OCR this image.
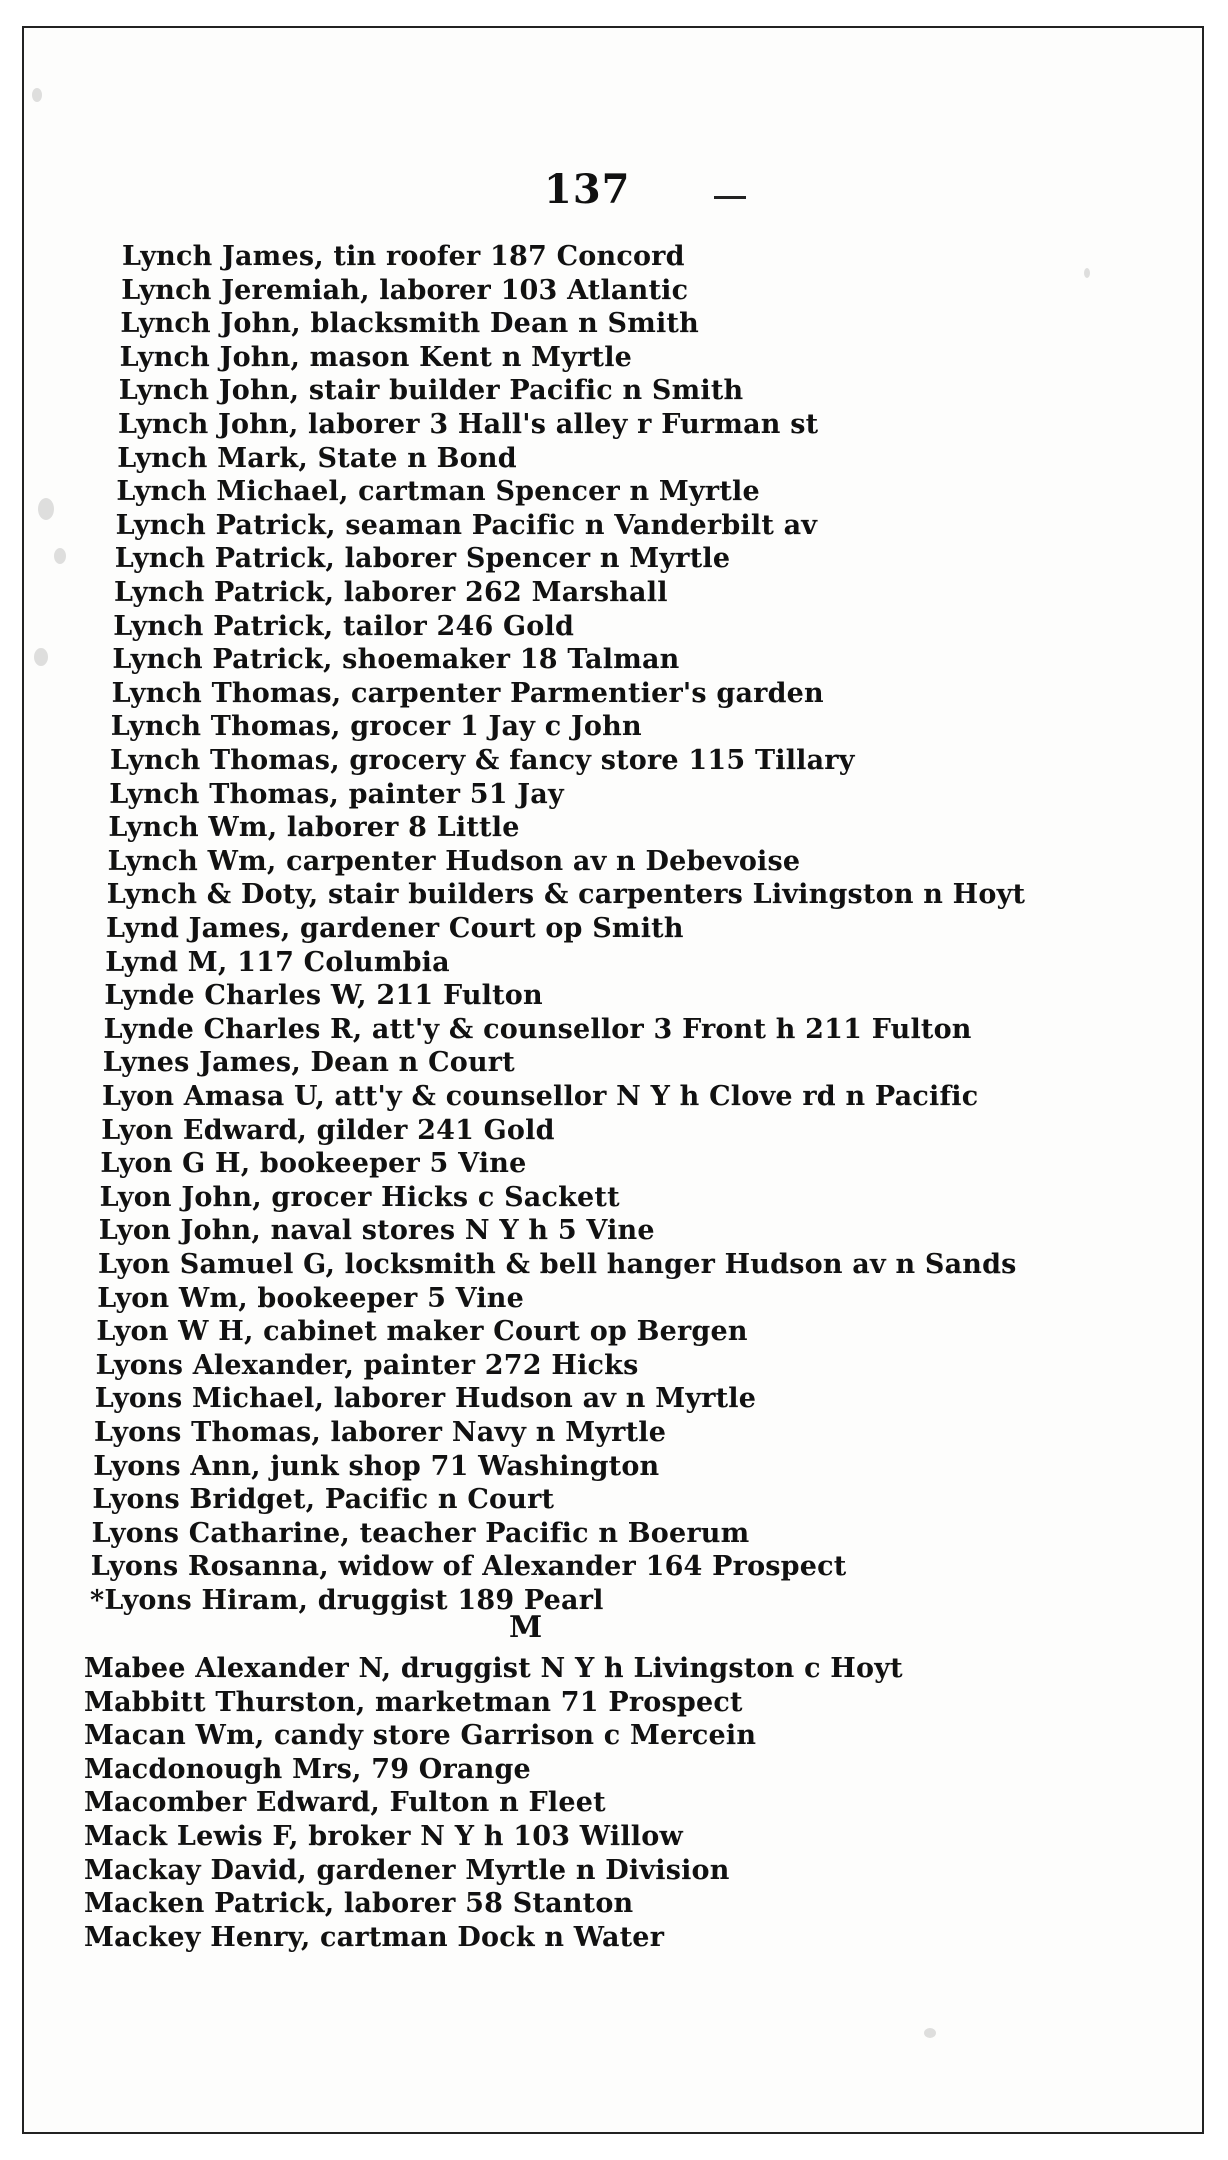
137
Lynch James, tin roofer 187 Concord
Lynch Jeremiah, laborer 103 Atlantic
Lynch John, blacksmith Dean n Smith
Lynch John, mason Kent n Myrtle
Lynch John, stair builder Pacific n Smith
Lynch John, laborer 3 Hall's alley r Furman st
Lynch Mark, State n Bond
Lynch Michael, cartman Spencer n Myrtle
Lynch Patrick, seaman Pacific n Vanderbilt av
Lynch Patrick, laborer Spencer n Myrtle
Lynch Patrick, laborer 262 Marshall
Lynch Patrick, tailor 246 Gold
Lynch Patrick, shoemaker 18 Talman
Lynch Thomas, carpenter Parmentier's garden
Lynch Thomas, grocer 1 Jay c John
Lynch Thomas, grocery & fancy store 115 Tillary
Lynch Thomas, painter 51 Jay
Lynch Wm, laborer 8 Little
Lynch Wm, carpenter Hudson av n Debevoise
Lynch & Doty, stair builders & carpenters Livingston n Hoyt
Lynd James, gardener Court op Smith
Lynd M, 117 Columbia
Lynde Charles W, 211 Fulton
Lynde Charles R, att'y & counsellor 3 Front h 211 Fulton
Lynes James, Dean n Court
Lyon Amasa U, att'y & counsellor N Y h Clove rd n Pacific
Lyon Edward, gilder 241 Gold
Lyon G H, bookeeper 5 Vine
Lyon John, grocer Hicks c Sackett
Lyon John, naval stores N Y h 5 Vine
Lyon Samuel G, locksmith & bell hanger Hudson av n Sands
Lyon Wm, bookeeper 5 Vine
Lyon W H, cabinet maker Court op Bergen
Lyons Alexander, painter 272 Hicks
Lyons Michael, laborer Hudson av n Myrtle
Lyons Thomas, laborer Navy n Myrtle
Lyons Ann, junk shop 71 Washington
Lyons Bridget, Pacific n Court
Lyons Catharine, teacher Pacific n Boerum
Lyons Rosanna, widow of Alexander 164 Prospect
*Lyons Hiram, druggist 189 Pearl
Mabee Alexander N, druggist N Y h Livingston c Hoyt
Mabbitt Thurston, marketman 71 Prospect
Macan Wm, candy store Garrison c Mercein
Macdonough Mrs, 79 Orange
Macomber Edward, Fulton n Fleet
Mack Lewis F, broker N Y h 103 Willow
Mackay David, gardener Myrtle n Division
Macken Patrick, laborer 58 Stanton
Mackey Henry, cartman Dock n Water
M
